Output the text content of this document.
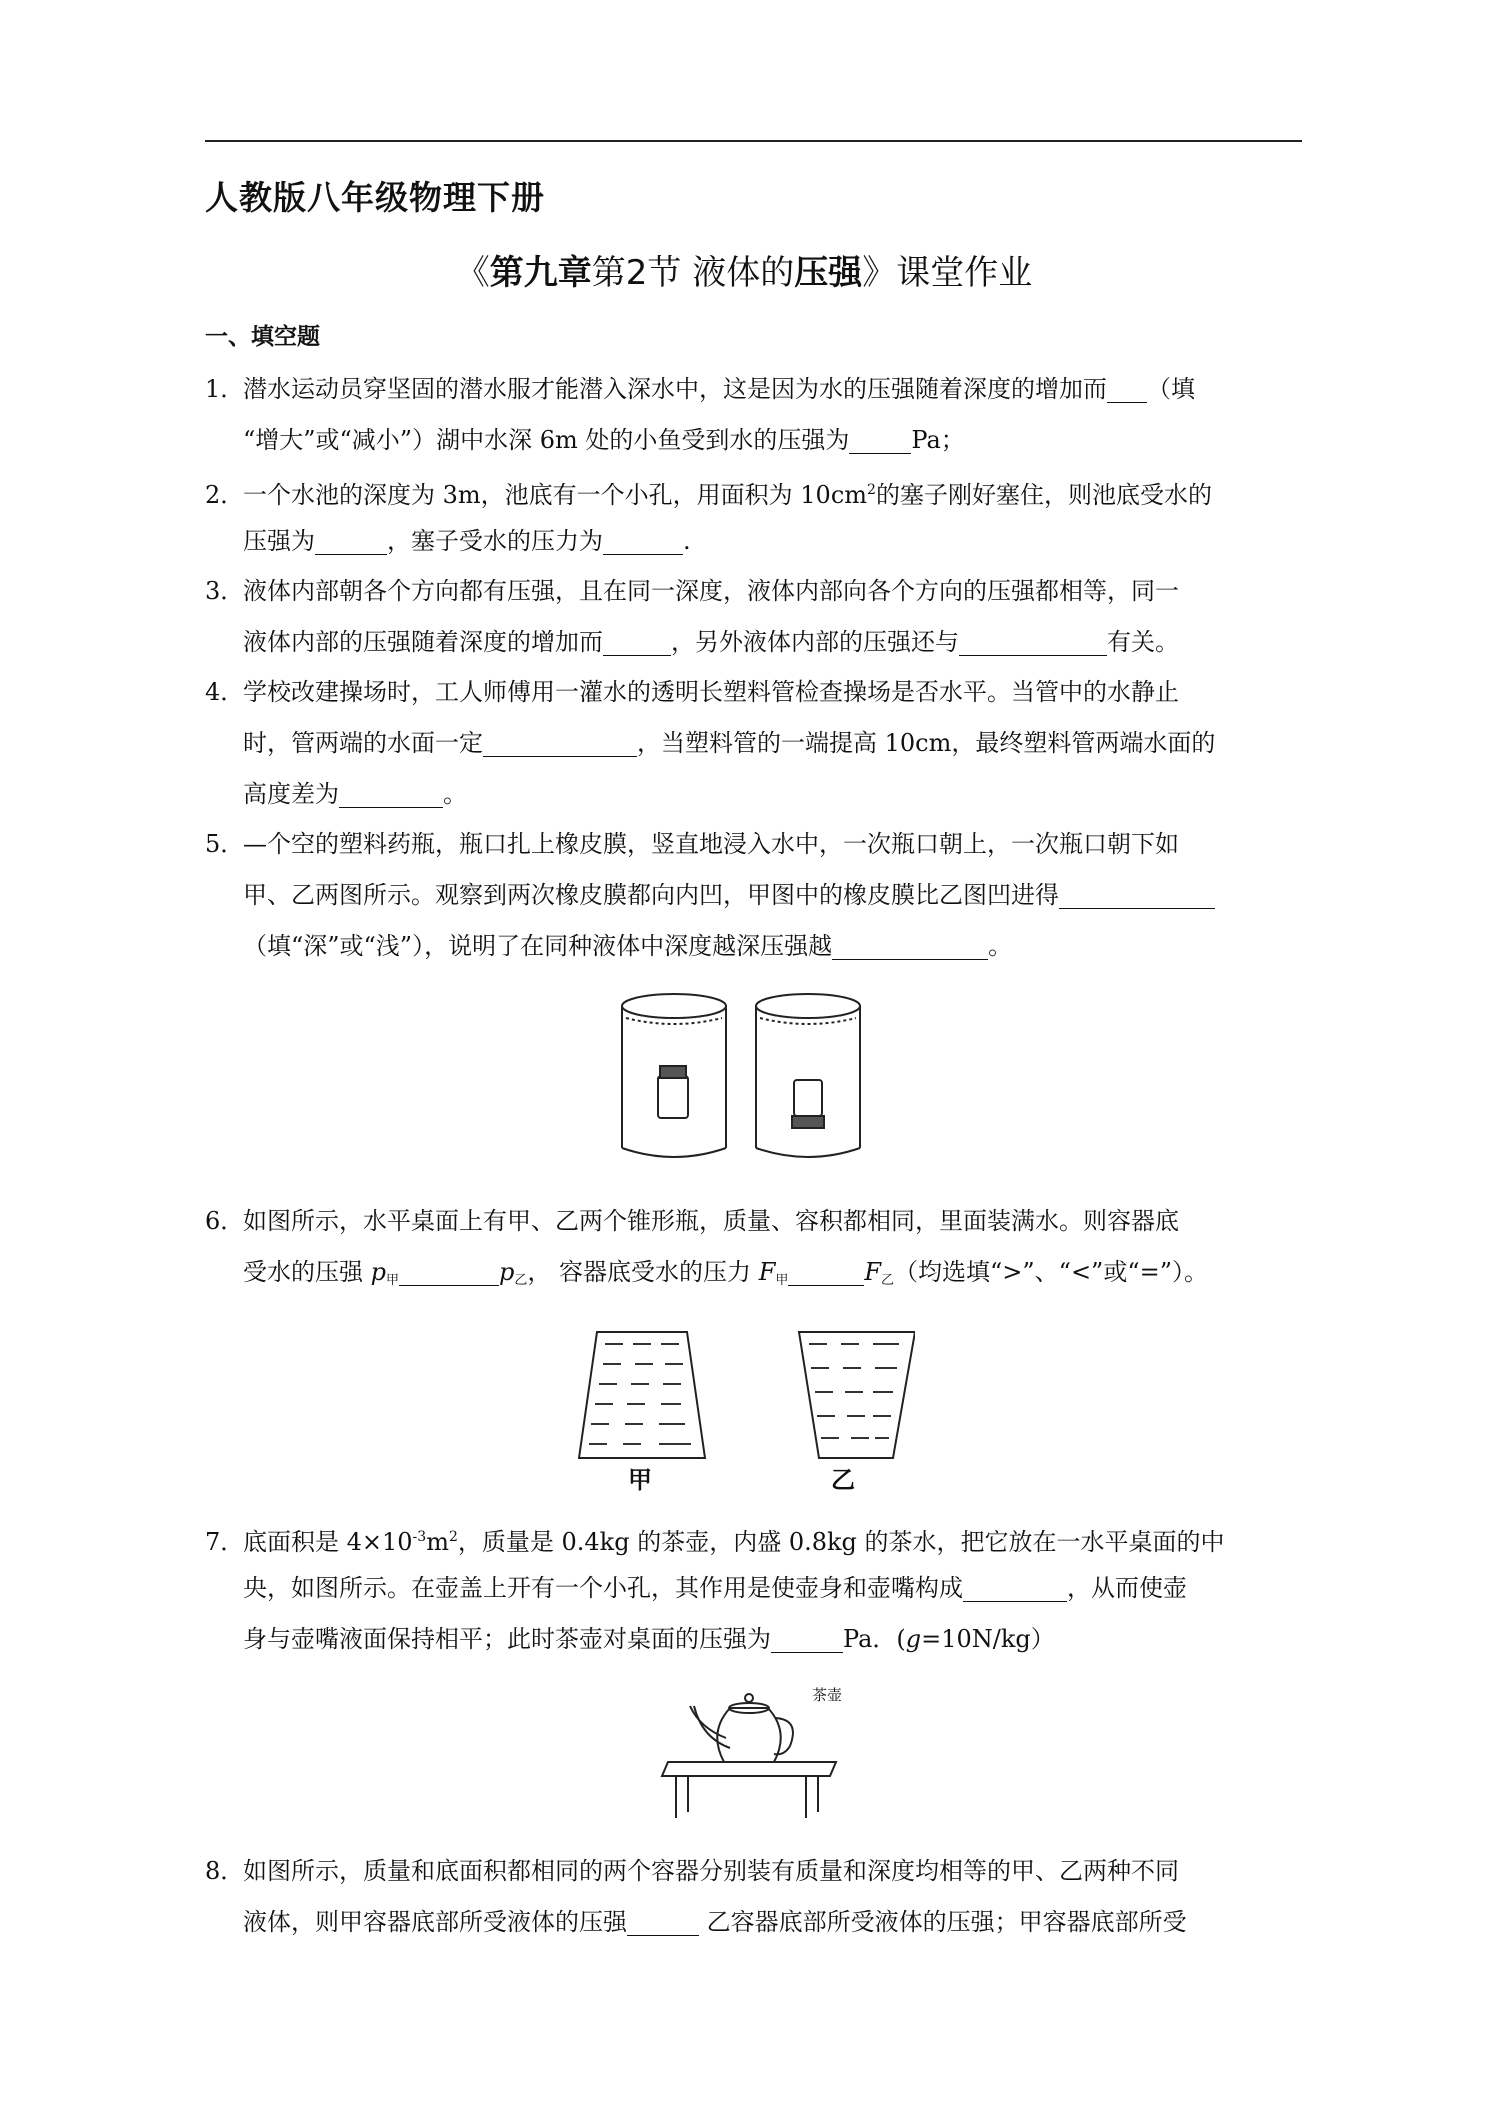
人教版八年级物理下册
《第九章第2节 液体的压强》课堂作业
一、填空题
1．潜水运动员穿坚固的潜水服才能潜入深水中，这是因为水的压强随着深度的增加而 （填
“增大”或“减小”）湖中水深 6m 处的小鱼受到水的压强为	Pa；
2．一个水池的深度为 3m，池底有一个小孔，用面积为 $10cm^2$的塞子刚好塞住，则池底受水的
压强为	，塞子受水的压力为	.
3．液体内部朝各个方向都有压强，且在同一深度，液体内部向各个方向的压强都相等，同一
液体内部的压强随着深度的增加而	，另外液体内部的压强还与	有关。
4．学校改建操场时，工人师傅用一灌水的透明长塑料管检查操场是否水平。当管中的水静止
时，管两端的水面一定	，当塑料管的一端提高 10cm，最终塑料管两端水面的
高度差为	。
5．—个空的塑料药瓶，瓶口扎上橡皮膜，竖直地浸入水中，一次瓶口朝上，一次瓶口朝下如
甲、乙两图所示。观察到两次橡皮膜都向内凹，甲图中的橡皮膜比乙图凹进得
（填“深”或“浅”），说明了在同种液体中深度越深压强越	。
6．如图所示，水平桌面上有甲、乙两个锥形瓶，质量、容积都相同，里面装满水。则容器底
受水的压强 $p_甲$	$p_乙$， 容器底受水的压力 $F_甲$	$F_乙$（均选填“>”、“<”或“=”）。
甲	乙
7．底面积是 $4\times 10^{-3}m^2$，质量是 0.4kg 的茶壶，内盛 0.8kg 的茶水，把它放在一水平桌面的中
央，如图所示。在壶盖上开有一个小孔，其作用是使壶身和壶嘴构成	，从而使壶
身与壶嘴液面保持相平；此时茶壶对桌面的压强为	Pa．(g=10N/kg）
茶壶
8．如图所示，质量和底面积都相同的两个容器分别装有质量和深度均相等的甲、乙两种不同
液体，则甲容器底部所受液体的压强	乙容器底部所受液体的压强；甲容器底部所受
